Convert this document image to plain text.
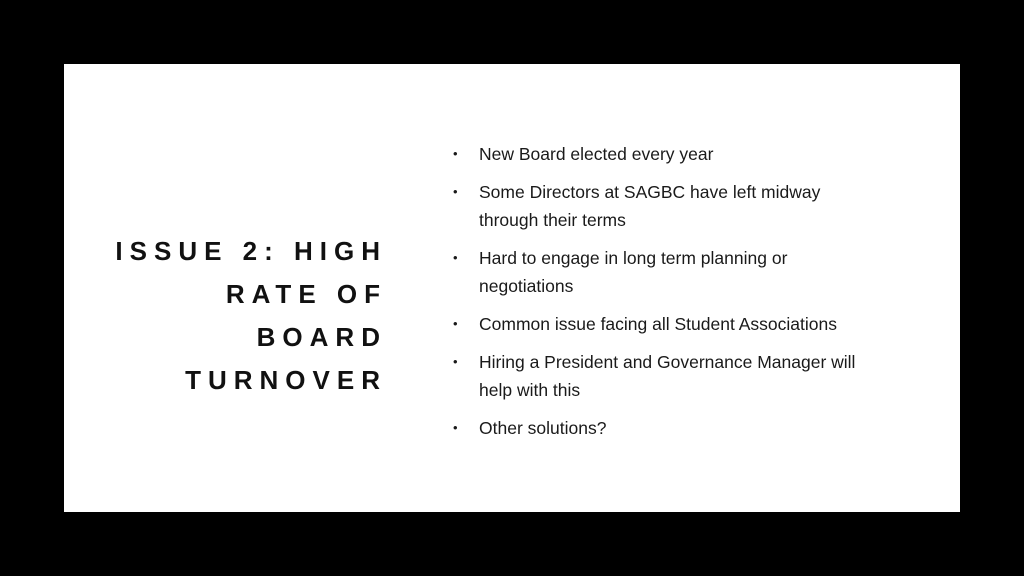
ISSUE 2: HIGH
RATE OF BOARD
TURNOVER
• New Board elected every year
• Some Directors at SAGBC have left midway through their terms
• Hard to engage in long term planning or negotiations
• Common issue facing all Student Associations
• Hiring a President and Governance Manager will help with this
• Other solutions?
